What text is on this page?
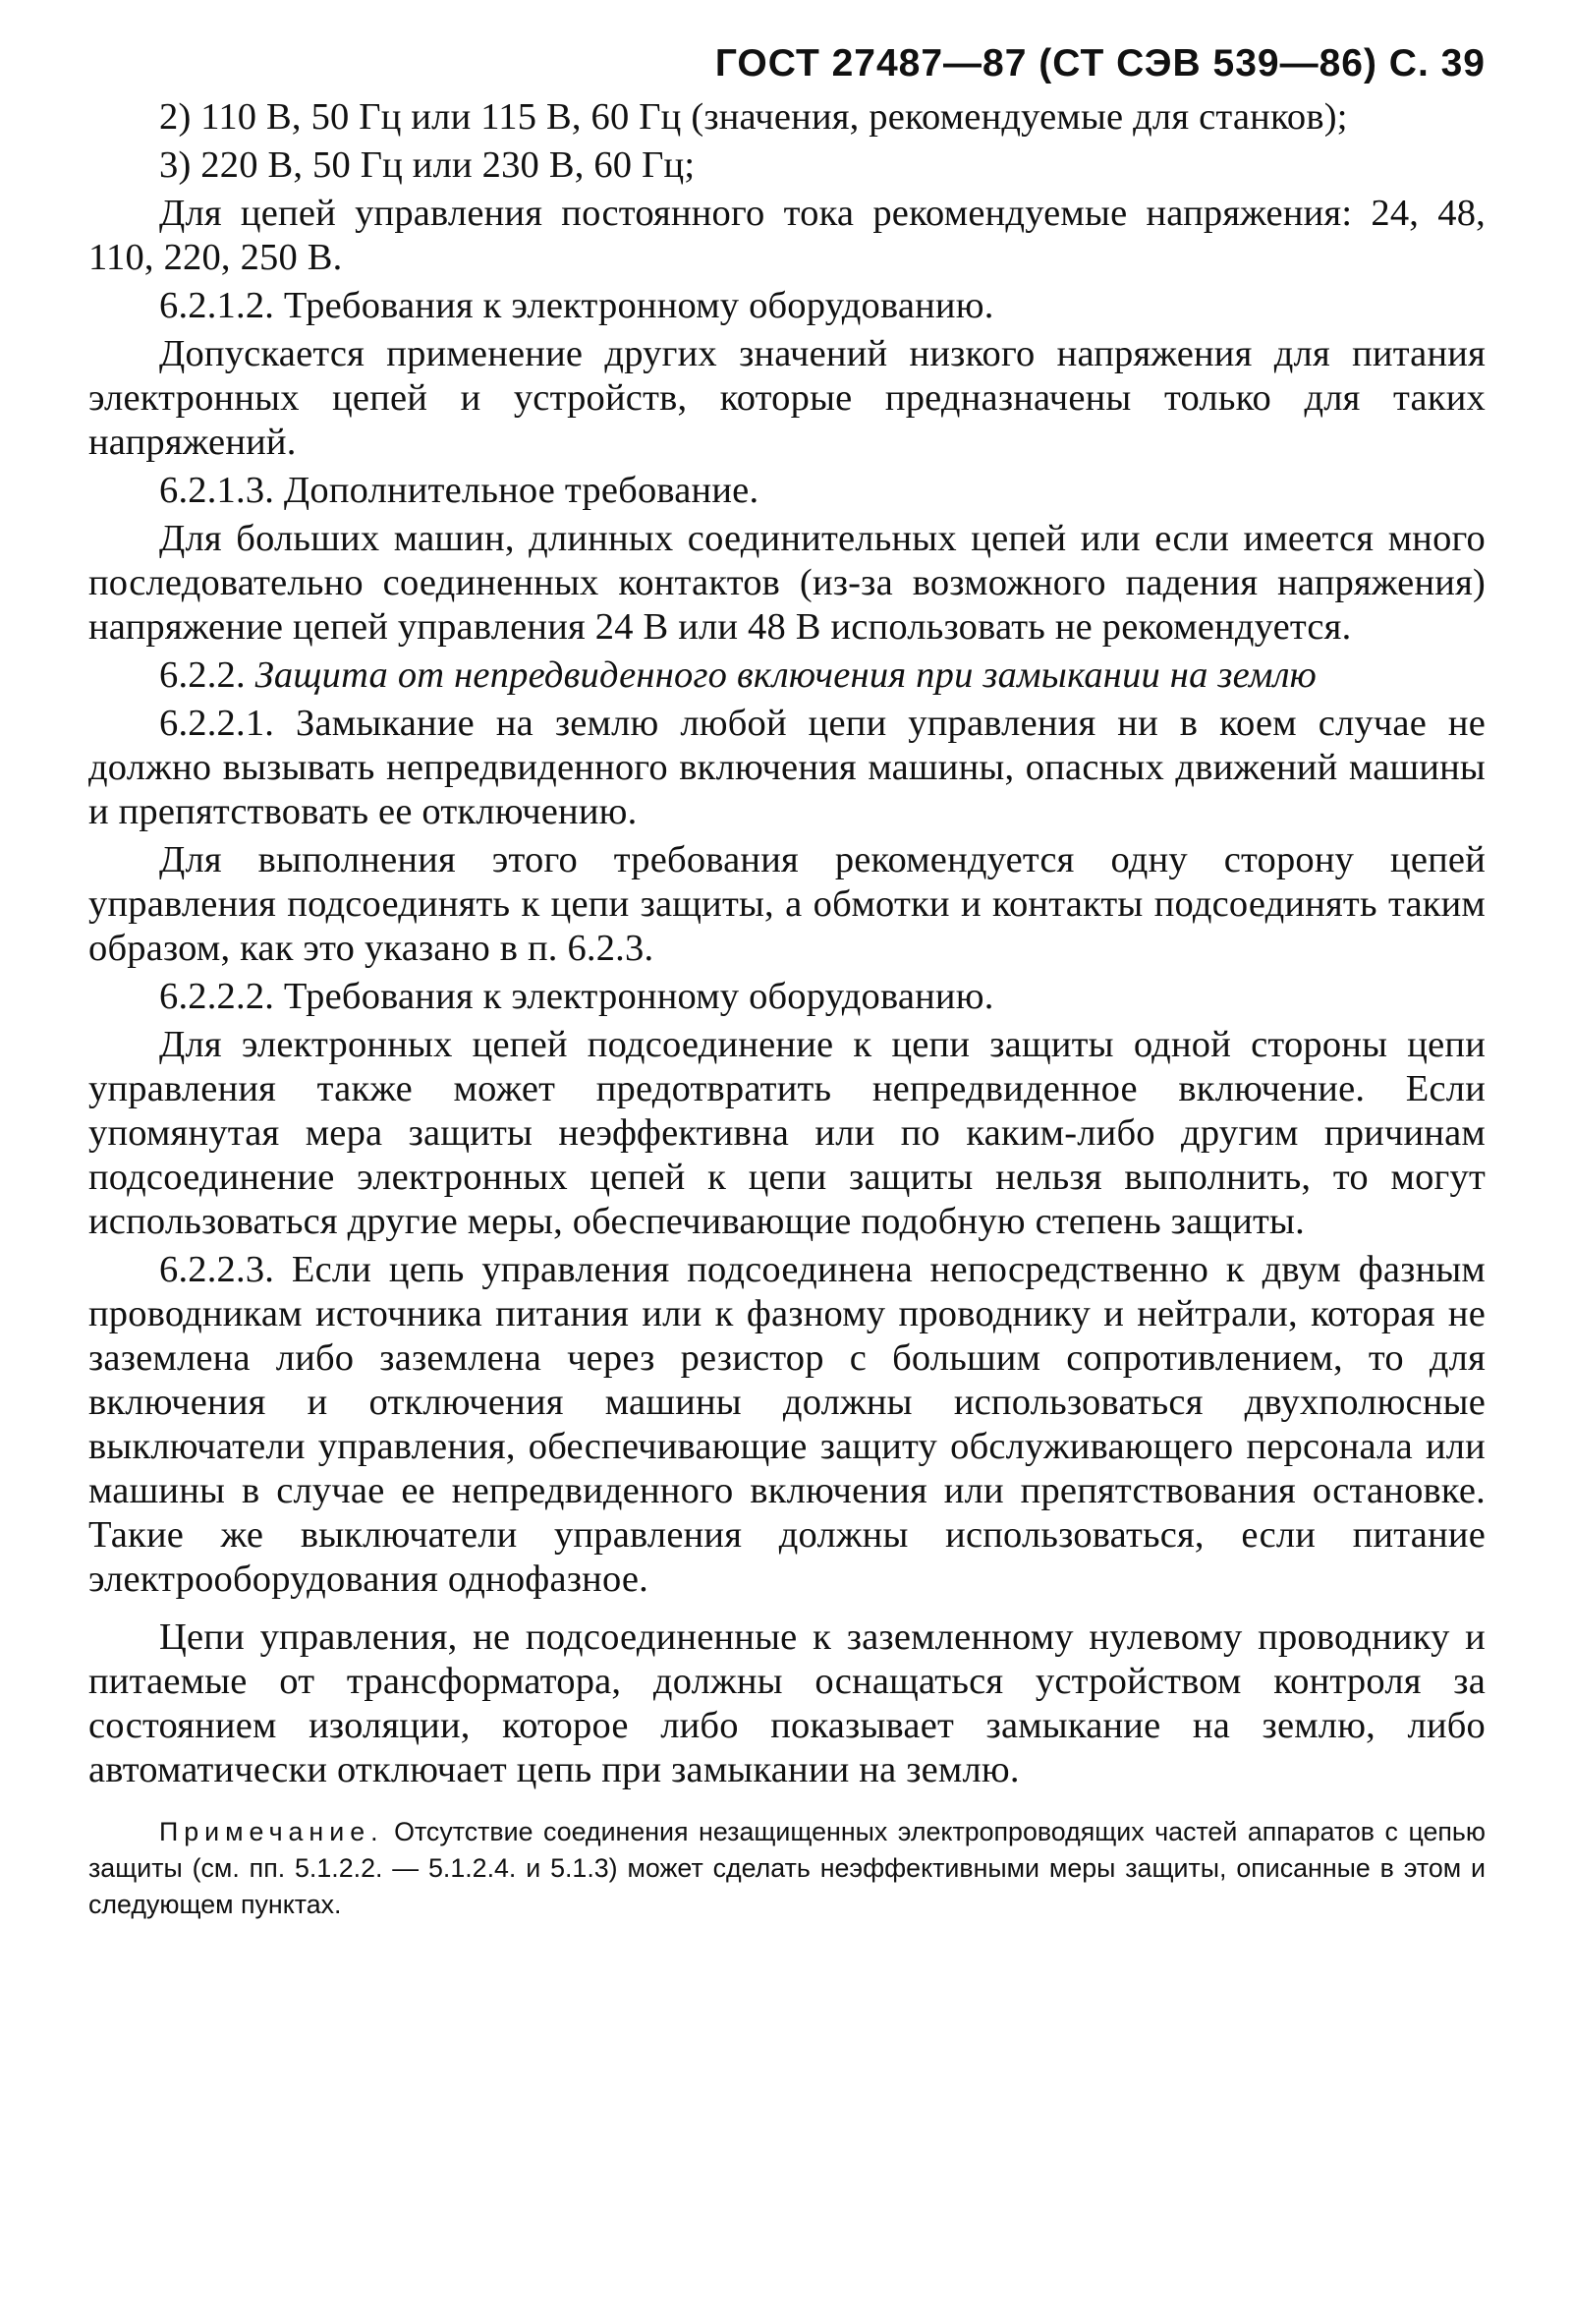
ГОСТ 27487—87 (СТ СЭВ 539—86) С. 39

2) 110 В, 50 Гц или 115 В, 60 Гц (значения, рекомендуемые для станков);

3) 220 В, 50 Гц или 230 В, 60 Гц;

Для цепей управления постоянного тока рекомендуемые напряжения: 24, 48, 110, 220, 250 В.

6.2.1.2. Требования к электронному оборудованию.

Допускается применение других значений низкого напряжения для питания электронных цепей и устройств, которые предназначены только для таких напряжений.

6.2.1.3. Дополнительное требование.

Для больших машин, длинных соединительных цепей или если имеется много последовательно соединенных контактов (из-за возможного падения напряжения) напряжение цепей управления 24 В или 48 В использовать не рекомендуется.

6.2.2. Защита от непредвиденного включения при замыкании на землю

6.2.2.1. Замыкание на землю любой цепи управления ни в коем случае не должно вызывать непредвиденного включения машины, опасных движений машины и препятствовать ее отключению.

Для выполнения этого требования рекомендуется одну сторону цепей управления подсоединять к цепи защиты, а обмотки и контакты подсоединять таким образом, как это указано в п. 6.2.3.

6.2.2.2. Требования к электронному оборудованию.

Для электронных цепей подсоединение к цепи защиты одной стороны цепи управления также может предотвратить непредвиденное включение. Если упомянутая мера защиты неэффективна или по каким-либо другим причинам подсоединение электронных цепей к цепи защиты нельзя выполнить, то могут использоваться другие меры, обеспечивающие подобную степень защиты.

6.2.2.3. Если цепь управления подсоединена непосредственно к двум фазным проводникам источника питания или к фазному проводнику и нейтрали, которая не заземлена либо заземлена через резистор с большим сопротивлением, то для включения и отключения машины должны использоваться двухполюсные выключатели управления, обеспечивающие защиту обслуживающего персонала или машины в случае ее непредвиденного включения или препятствования остановке. Такие же выключатели управления должны использоваться, если питание электрооборудования однофазное.

Цепи управления, не подсоединенные к заземленному нулевому проводнику и питаемые от трансформатора, должны оснащаться устройством контроля за состоянием изоляции, которое либо показывает замыкание на землю, либо автоматически отключает цепь при замыкании на землю.

Примечание. Отсутствие соединения незащищенных электропроводящих частей аппаратов с цепью защиты (см. пп. 5.1.2.2. — 5.1.2.4. и 5.1.3) может сделать неэффективными меры защиты, описанные в этом и следующем пунктах.
